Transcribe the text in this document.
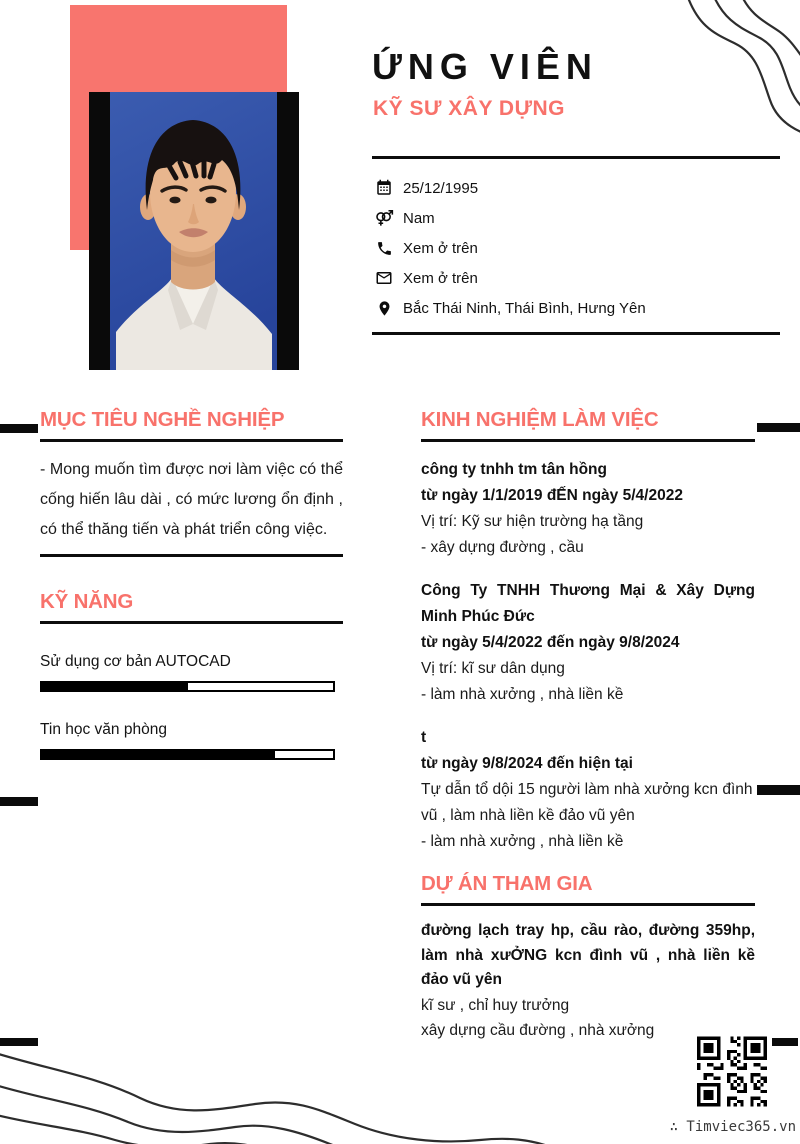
ỨNG VIÊN
KỸ SƯ XÂY DỰNG
25/12/1995
Nam
Xem ở trên
Xem ở trên
Bắc Thái Ninh, Thái Bình, Hưng Yên
MỤC TIÊU NGHỀ NGHIỆP

- Mong muốn tìm được nơi làm việc có thể cống hiến lâu dài , có mức lương ổn định , có thể thăng tiến và phát triển công việc.

KỸ NĂNG
Sử dụng cơ bản AUTOCAD
Tin học văn phòng
KINH NGHIỆM LÀM VIỆC
công ty tnhh tm tân hồng
từ ngày 1/1/2019 đẾN ngày 5/4/2022
Vị trí: Kỹ sư hiện trường hạ tầng
- xây dựng đường , cầu
Công Ty TNHH Thương Mại & Xây Dựng Minh Phúc Đức
từ ngày 5/4/2022 đến ngày 9/8/2024
Vị trí: kĩ sư dân dụng
- làm nhà xưởng , nhà liền kề
t
từ ngày 9/8/2024 đến hiện tại
Tự dẫn tổ dội 15 người làm nhà xưởng kcn đình vũ , làm nhà liền kề đảo vũ yên
- làm nhà xưởng , nhà liền kề
DỰ ÁN THAM GIA
đường lạch tray hp, cầu rào, đường 359hp, làm nhà xưỞNG kcn đình vũ , nhà liền kề đảo vũ yên
kĩ sư , chỉ huy trưởng
xây dựng cầu đường , nhà xưởng
∴ Timviec365.vn
